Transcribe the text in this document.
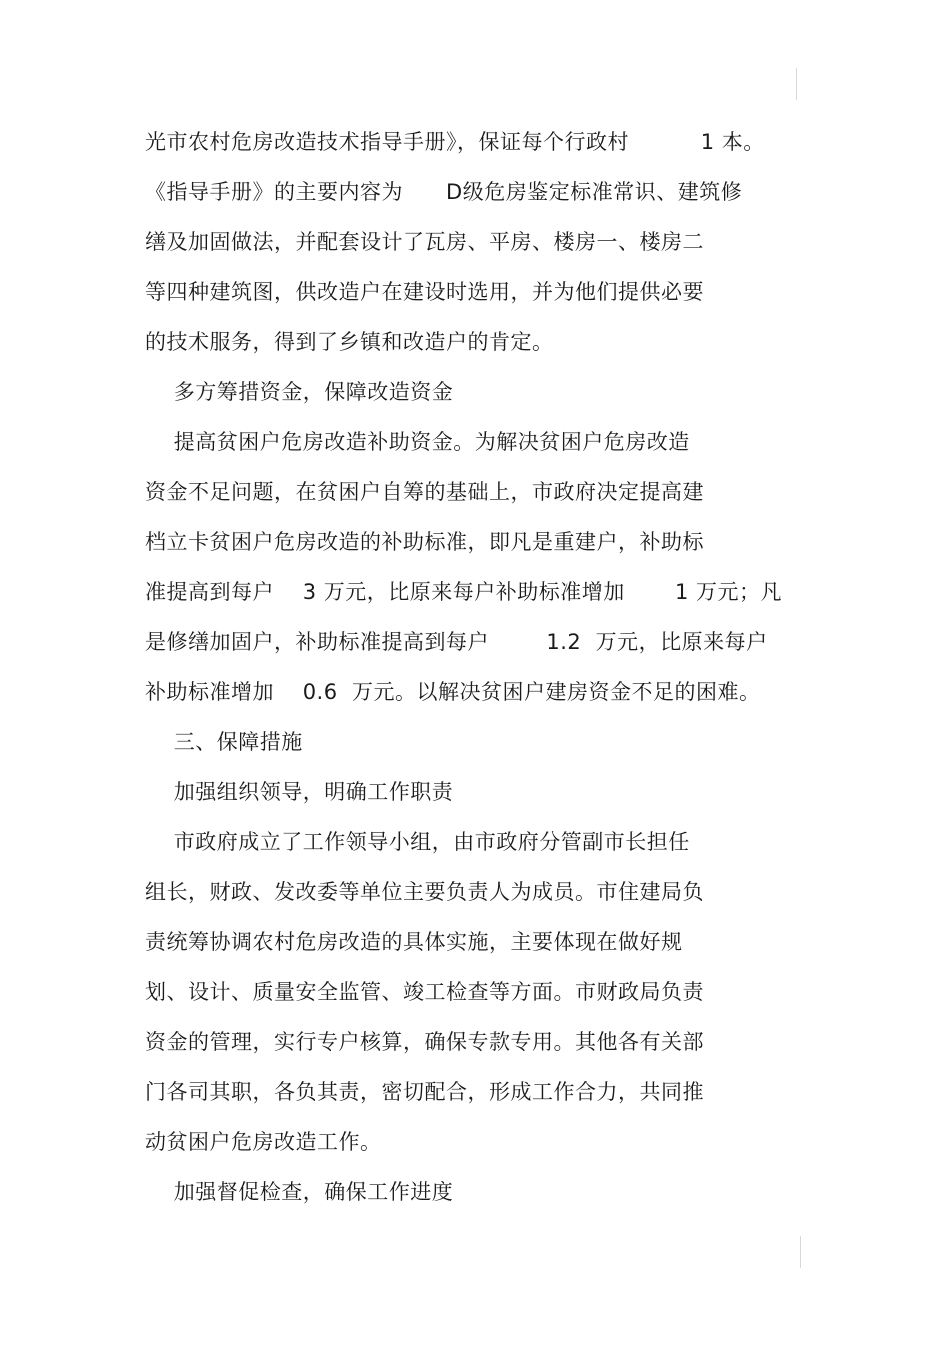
光市农村危房改造技术指导手册》，保证每个行政村          1 本。
《指导手册》的主要内容为      D级危房鉴定标准常识、建筑修
缮及加固做法，并配套设计了瓦房、平房、楼房一、楼房二
等四种建筑图，供改造户在建设时选用，并为他们提供必要
的技术服务，得到了乡镇和改造户的肯定。
多方筹措资金，保障改造资金
提高贫困户危房改造补助资金。为解决贫困户危房改造
资金不足问题，在贫困户自筹的基础上，市政府决定提高建
档立卡贫困户危房改造的补助标准，即凡是重建户，补助标
准提高到每户    3 万元，比原来每户补助标准增加       1 万元；凡
是修缮加固户，补助标准提高到每户        1.2  万元，比原来每户
补助标准增加    0.6  万元。以解决贫困户建房资金不足的困难。
三、保障措施
加强组织领导，明确工作职责
市政府成立了工作领导小组，由市政府分管副市长担任
组长，财政、发改委等单位主要负责人为成员。市住建局负
责统筹协调农村危房改造的具体实施，主要体现在做好规
划、设计、质量安全监管、竣工检查等方面。市财政局负责
资金的管理，实行专户核算，确保专款专用。其他各有关部
门各司其职，各负其责，密切配合，形成工作合力，共同推
动贫困户危房改造工作。
加强督促检查，确保工作进度
